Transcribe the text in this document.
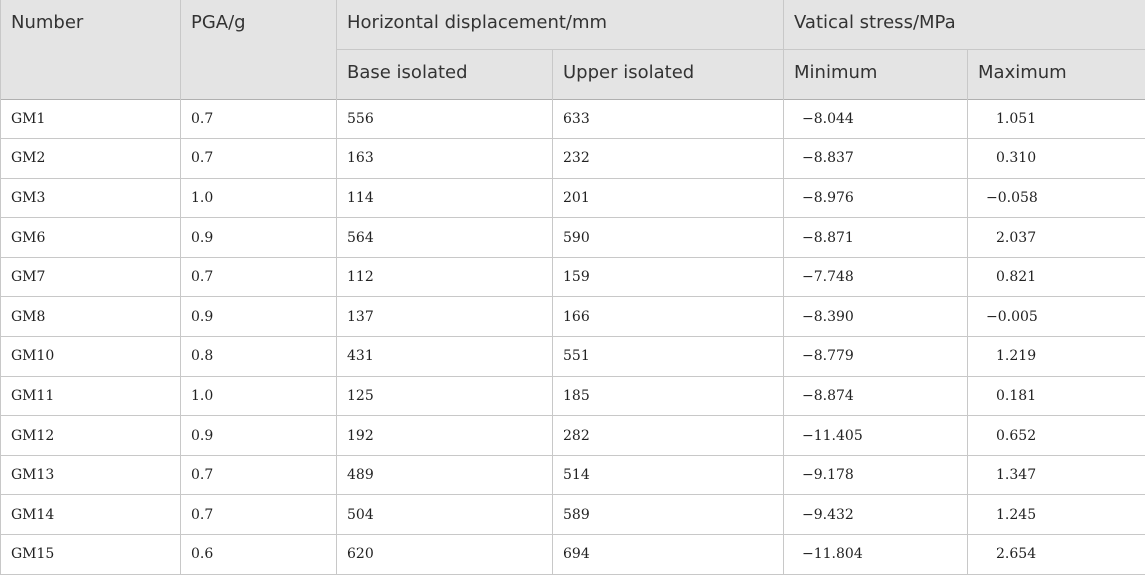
Number	PGA/g	Horizontal displacement/mm		Vatical stress/MPa	
		Base isolated	Upper isolated	Minimum	Maximum
GM1	0.7	556	633	−8.044	1.051
GM2	0.7	163	232	−8.837	0.310
GM3	1.0	114	201	−8.976	−0.058
GM6	0.9	564	590	−8.871	2.037
GM7	0.7	112	159	−7.748	0.821
GM8	0.9	137	166	−8.390	−0.005
GM10	0.8	431	551	−8.779	1.219
GM11	1.0	125	185	−8.874	0.181
GM12	0.9	192	282	−11.405	0.652
GM13	0.7	489	514	−9.178	1.347
GM14	0.7	504	589	−9.432	1.245
GM15	0.6	620	694	−11.804	2.654
